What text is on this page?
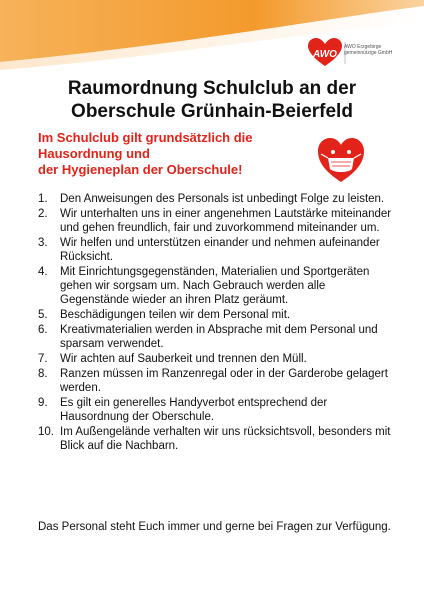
AWO
AWO Erzgebirge
gemeinnützige GmbH
Raumordnung Schulclub an der
Oberschule Grünhain-Beierfeld
Im Schulclub gilt grundsätzlich die
Hausordnung und
der Hygieneplan der Oberschule!
1.	Den Anweisungen des Personals ist unbedingt Folge zu leisten.
2.	Wir unterhalten uns in einer angenehmen Lautstärke miteinander und gehen freundlich, fair und zuvorkommend miteinander um.
3.	Wir helfen und unterstützen einander und nehmen aufeinander Rücksicht.
4.	Mit Einrichtungsgegenständen, Materialien und Sportgeräten gehen wir sorgsam um. Nach Gebrauch werden alle Gegenstände wieder an ihren Platz geräumt.
5.	Beschädigungen teilen wir dem Personal mit.
6.	Kreativmaterialien werden in Absprache mit dem Personal und sparsam verwendet.
7.	Wir achten auf Sauberkeit und trennen den Müll.
8.	Ranzen müssen im Ranzenregal oder in der Garderobe gelagert werden.
9.	Es gilt ein generelles Handyverbot entsprechend der Hausordnung der Oberschule.
10. Im Außengelände verhalten wir uns rücksichtsvoll, besonders mit Blick auf die Nachbarn.
Das Personal steht Euch immer und gerne bei Fragen zur Verfügung.
